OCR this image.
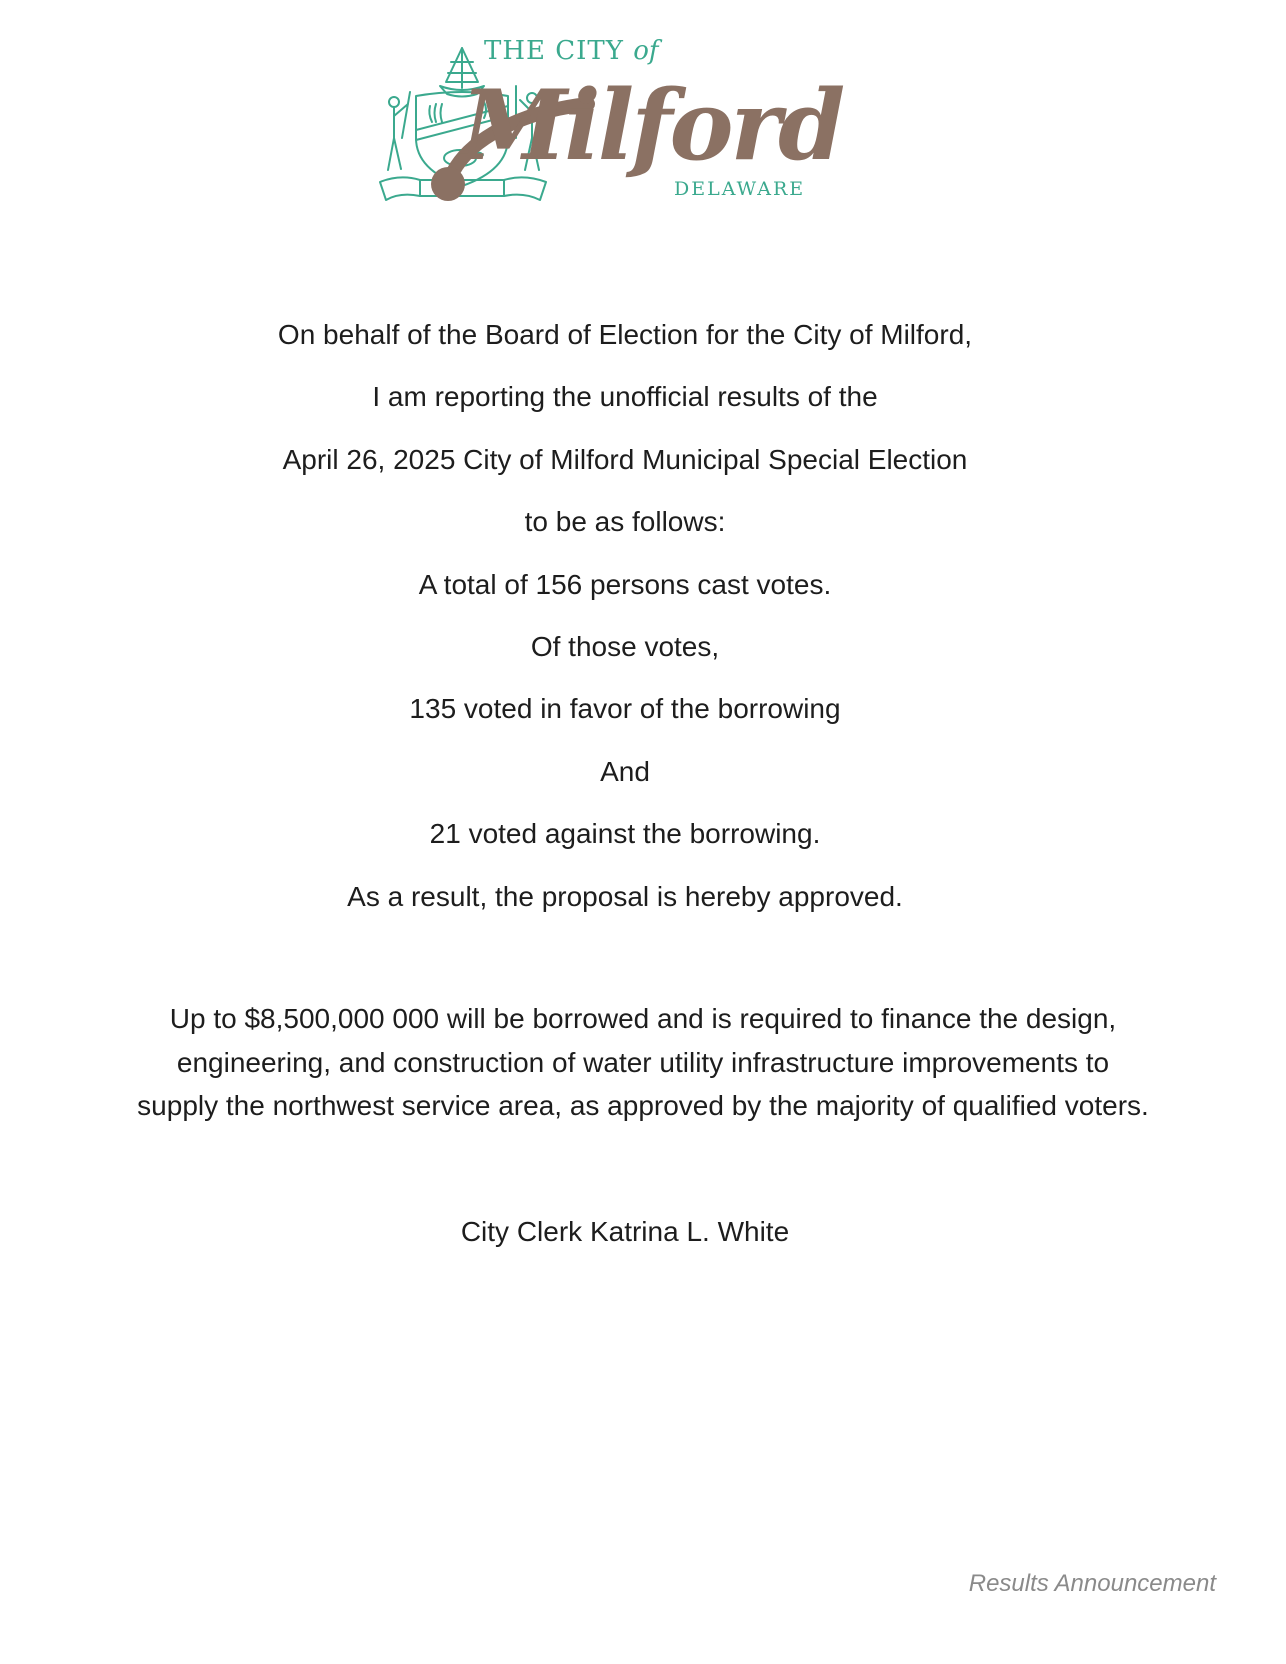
THE CITY of
Milford
DELAWARE

On behalf of the Board of Election for the City of Milford,

I am reporting the unofficial results of the

April 26, 2025 City of Milford Municipal Special Election

to be as follows:

A total of 156 persons cast votes.

Of those votes,

135 voted in favor of the borrowing

And

21 voted against the borrowing.

As a result, the proposal is hereby approved.

Up to $8,500,000 000 will be borrowed and is required to finance the design,

engineering, and construction of water utility infrastructure improvements to

supply the northwest service area, as approved by the majority of qualified voters.

City Clerk Katrina L. White

Results Announcement
